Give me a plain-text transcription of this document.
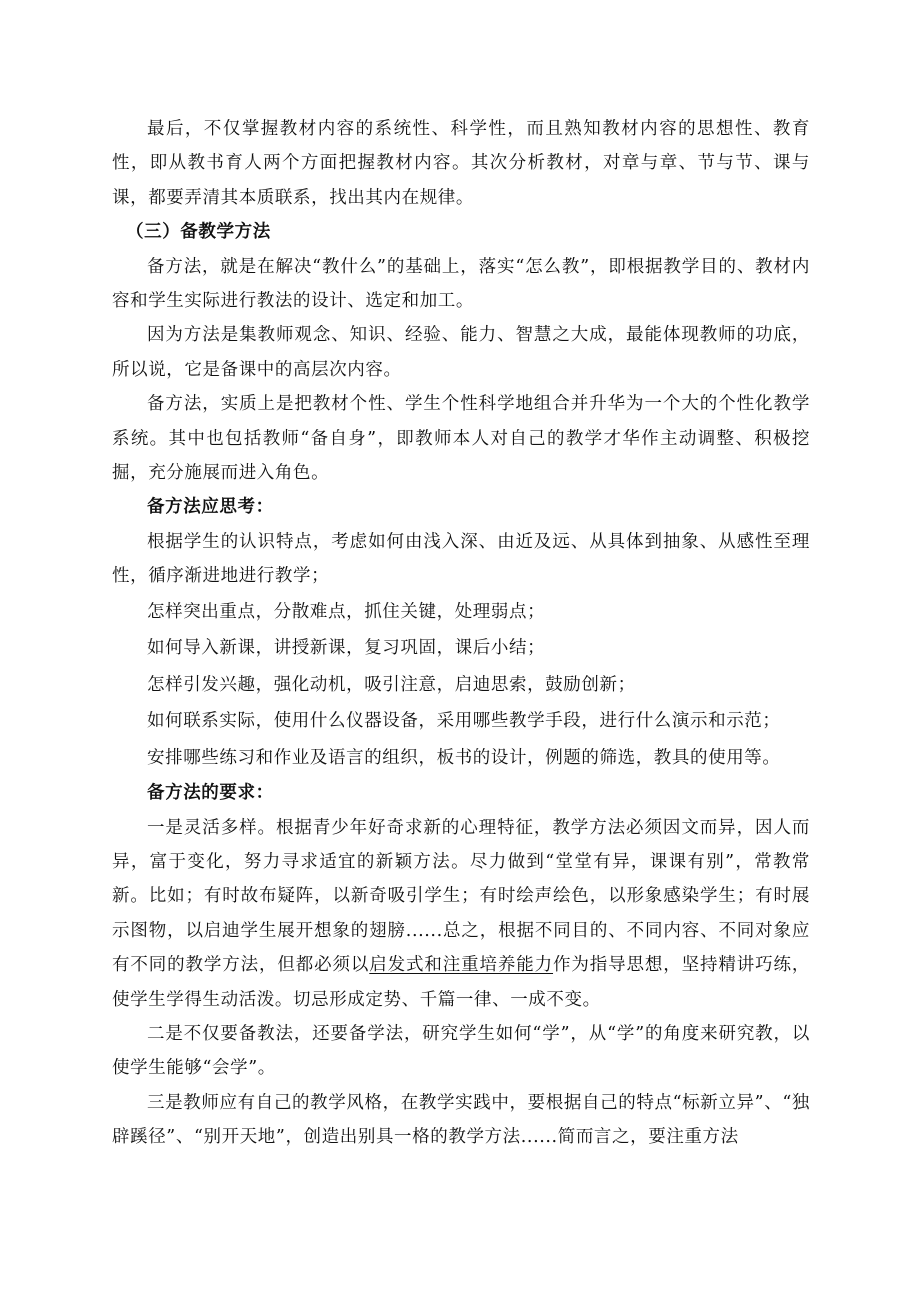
最后，不仅掌握教材内容的系统性、科学性，而且熟知教材内容的思想性、教育性，即从教书育人两个方面把握教材内容。其次分析教材，对章与章、节与节、课与课，都要弄清其本质联系，找出其内在规律。

（三）备教学方法

备方法，就是在解决“教什么”的基础上，落实“怎么教”，即根据教学目的、教材内容和学生实际进行教法的设计、选定和加工。

因为方法是集教师观念、知识、经验、能力、智慧之大成，最能体现教师的功底，所以说，它是备课中的高层次内容。

备方法，实质上是把教材个性、学生个性科学地组合并升华为一个大的个性化教学系统。其中也包括教师“备自身”，即教师本人对自己的教学才华作主动调整、积极挖掘，充分施展而进入角色。

备方法应思考：

根据学生的认识特点，考虑如何由浅入深、由近及远、从具体到抽象、从感性至理性，循序渐进地进行教学；

怎样突出重点，分散难点，抓住关键，处理弱点；

如何导入新课，讲授新课，复习巩固，课后小结；

怎样引发兴趣，强化动机，吸引注意，启迪思索，鼓励创新；

如何联系实际，使用什么仪器设备，采用哪些教学手段，进行什么演示和示范；

安排哪些练习和作业及语言的组织，板书的设计，例题的筛选，教具的使用等。

备方法的要求：

一是灵活多样。根据青少年好奇求新的心理特征，教学方法必须因文而异，因人而异，富于变化，努力寻求适宜的新颖方法。尽力做到“堂堂有异，课课有别”，常教常新。比如；有时故布疑阵，以新奇吸引学生；有时绘声绘色，以形象感染学生；有时展示图物，以启迪学生展开想象的翅膀......总之，根据不同目的、不同内容、不同对象应有不同的教学方法，但都必须以启发式和注重培养能力作为指导思想，坚持精讲巧练，使学生学得生动活泼。切忌形成定势、千篇一律、一成不变。

二是不仅要备教法，还要备学法，研究学生如何“学”，从“学”的角度来研究教，以使学生能够“会学”。

三是教师应有自己的教学风格，在教学实践中，要根据自己的特点“标新立异”、“独辟蹊径”、“别开天地”，创造出别具一格的教学方法......简而言之，要注重方法
